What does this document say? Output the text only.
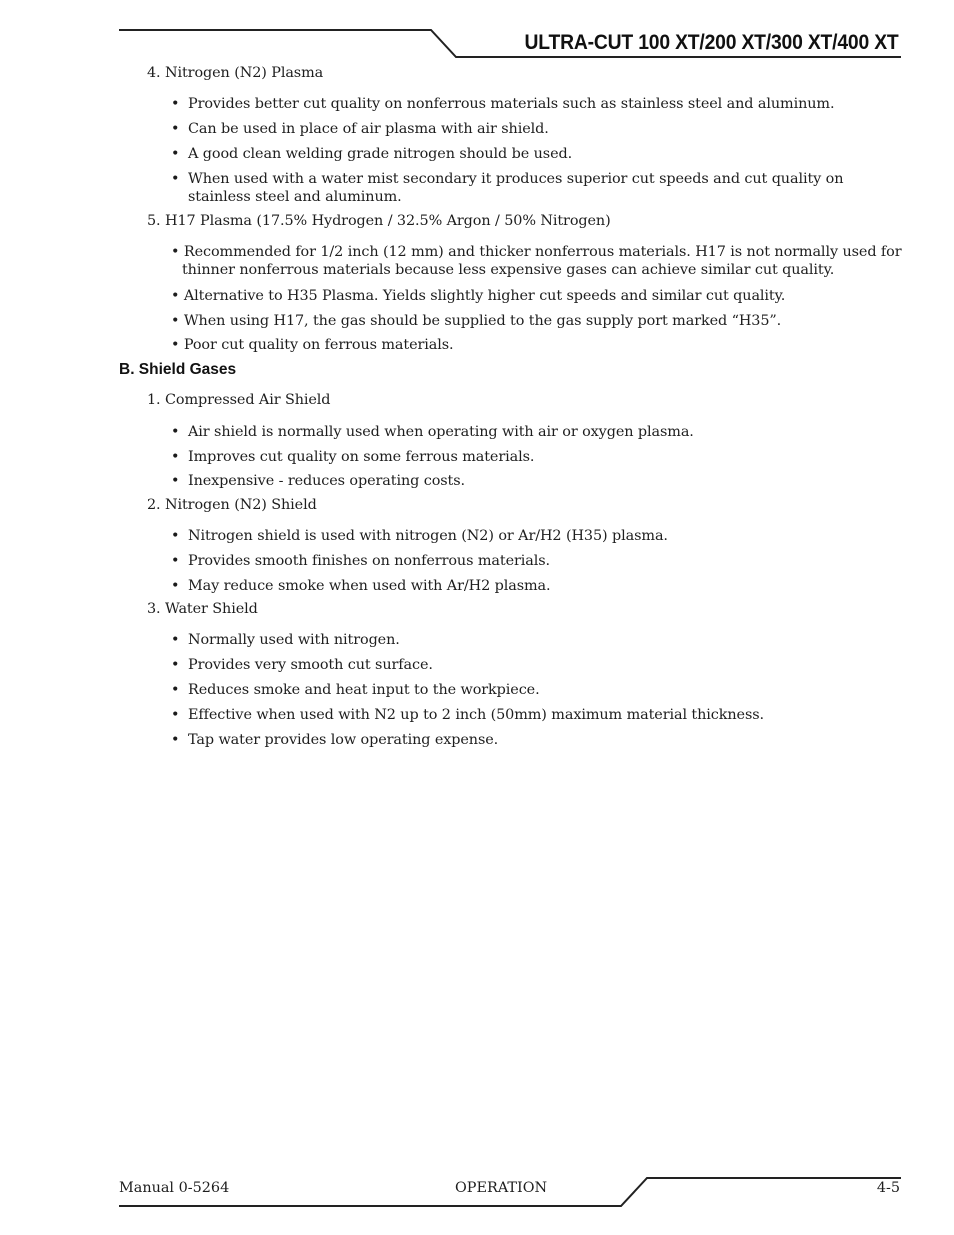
ULTRA-CUT 100 XT/200 XT/300 XT/400 XT
4. Nitrogen (N2) Plasma
• Provides better cut quality on nonferrous materials such as stainless steel and aluminum.
• Can be used in place of air plasma with air shield.
• A good clean welding grade nitrogen should be used.
• When used with a water mist secondary it produces superior cut speeds and cut quality on stainless steel and aluminum.
5. H17 Plasma (17.5% Hydrogen / 32.5% Argon / 50% Nitrogen)
• Recommended for 1/2 inch (12 mm) and thicker nonferrous materials. H17 is not normally used for thinner nonferrous materials because less expensive gases can achieve similar cut quality.
• Alternative to H35 Plasma. Yields slightly higher cut speeds and similar cut quality.
• When using H17, the gas should be supplied to the gas supply port marked “H35”.
• Poor cut quality on ferrous materials.
B. Shield Gases
1. Compressed Air Shield
• Air shield is normally used when operating with air or oxygen plasma.
• Improves cut quality on some ferrous materials.
• Inexpensive - reduces operating costs.
2. Nitrogen (N2) Shield
• Nitrogen shield is used with nitrogen (N2) or Ar/H2 (H35) plasma.
• Provides smooth finishes on nonferrous materials.
• May reduce smoke when used with Ar/H2 plasma.
3. Water Shield
• Normally used with nitrogen.
• Provides very smooth cut surface.
• Reduces smoke and heat input to the workpiece.
• Effective when used with N2 up to 2 inch (50mm) maximum material thickness.
• Tap water provides low operating expense.
Manual 0-5264	OPERATION	4-5
